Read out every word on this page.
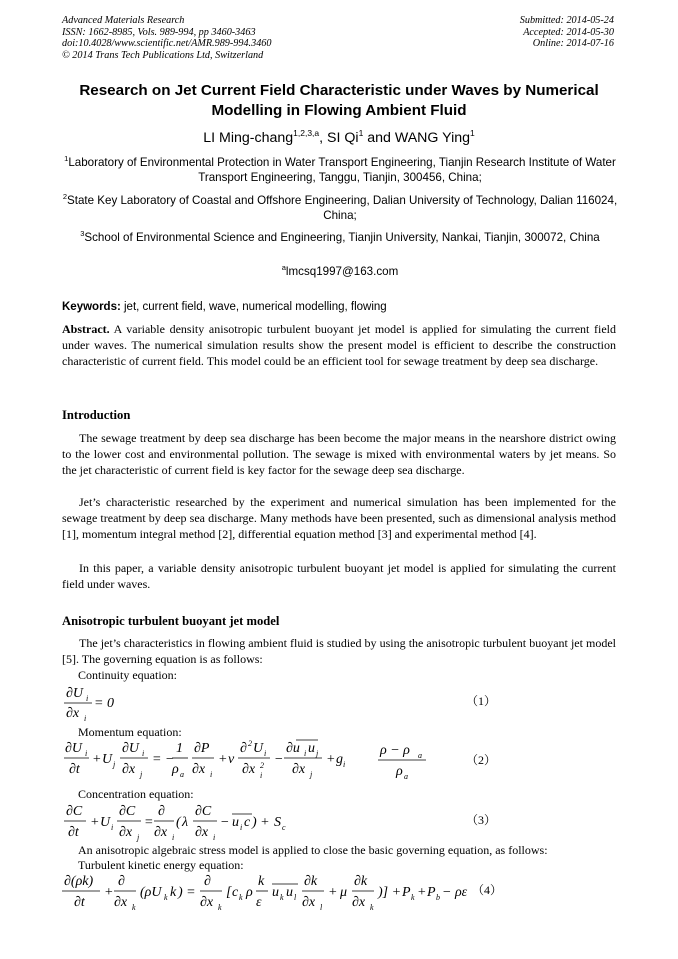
Advanced Materials Research
ISSN: 1662-8985, Vols. 989-994, pp 3460-3463
doi:10.4028/www.scientific.net/AMR.989-994.3460
© 2014 Trans Tech Publications Ltd, Switzerland
Submitted: 2014-05-24
Accepted: 2014-05-30
Online: 2014-07-16
Research on Jet Current Field Characteristic under Waves by Numerical
Modelling in Flowing Ambient Fluid
LI Ming-chang$^{1,2,3,a}$, SI Qi$^1$ and WANG Ying$^1$
$^1$Laboratory of Environmental Protection in Water Transport Engineering, Tianjin Research Institute of Water Transport Engineering, Tanggu, Tianjin, 300456, China;
$^2$State Key Laboratory of Coastal and Offshore Engineering, Dalian University of Technology, Dalian 116024, China;
$^3$School of Environmental Science and Engineering, Tianjin University, Nankai, Tianjin, 300072, China
$^a$lmcsq1997@163.com
Keywords: jet, current field, wave, numerical modelling, flowing
Abstract. A variable density anisotropic turbulent buoyant jet model is applied for simulating the current field under waves. The numerical simulation results show the present model is efficient to describe the construction characteristic of current field. This model could be an efficient tool for sewage treatment by deep sea discharge.
Introduction
The sewage treatment by deep sea discharge has been become the major means in the nearshore district owing to the lower cost and environmental pollution. The sewage is mixed with environmental waters by jet means. So the jet characteristic of current field is key factor for the sewage deep sea discharge.
Jet’s characteristic researched by the experiment and numerical simulation has been implemented for the sewage treatment by deep sea discharge. Many methods have been presented, such as dimensional analysis method [1], momentum integral method [2], differential equation method [3] and experimental method [4].
In this paper, a variable density anisotropic turbulent buoyant jet model is applied for simulating the current field under waves.
Anisotropic turbulent buoyant jet model
The jet’s characteristics in flowing ambient fluid is studied by using the anisotropic turbulent buoyant jet model [5]. The governing equation is as follows:
Continuity equation:
∂U i
∂x i
= 0	（1）
Momentum equation:
∂U i
∂t
+ U j
∂U i
∂x j
= −
1
ρ a
∂P
∂x i
+ ν
∂ 2 U i
∂x 2
i
−
∂u i u j
∂x j
+ g i
ρ − ρ a
ρ a
（2）
Concentration equation:
∂C
∂t
+ U i
∂C
∂x j
=
∂
∂x i
( λ
∂C
∂x i
− u i c ) + S c
（3）
An anisotropic algebraic stress model is applied to close the basic governing equation, as follows:
Turbulent kinetic energy equation:
∂(ρk)
∂t
+
∂
∂x k
(ρU k k ) =
∂
∂x k
[ c k ρ
k
ε
u k u l
∂k
∂x l
+ μ
∂k
∂x k
)] + P k + P b − ρε （4）
